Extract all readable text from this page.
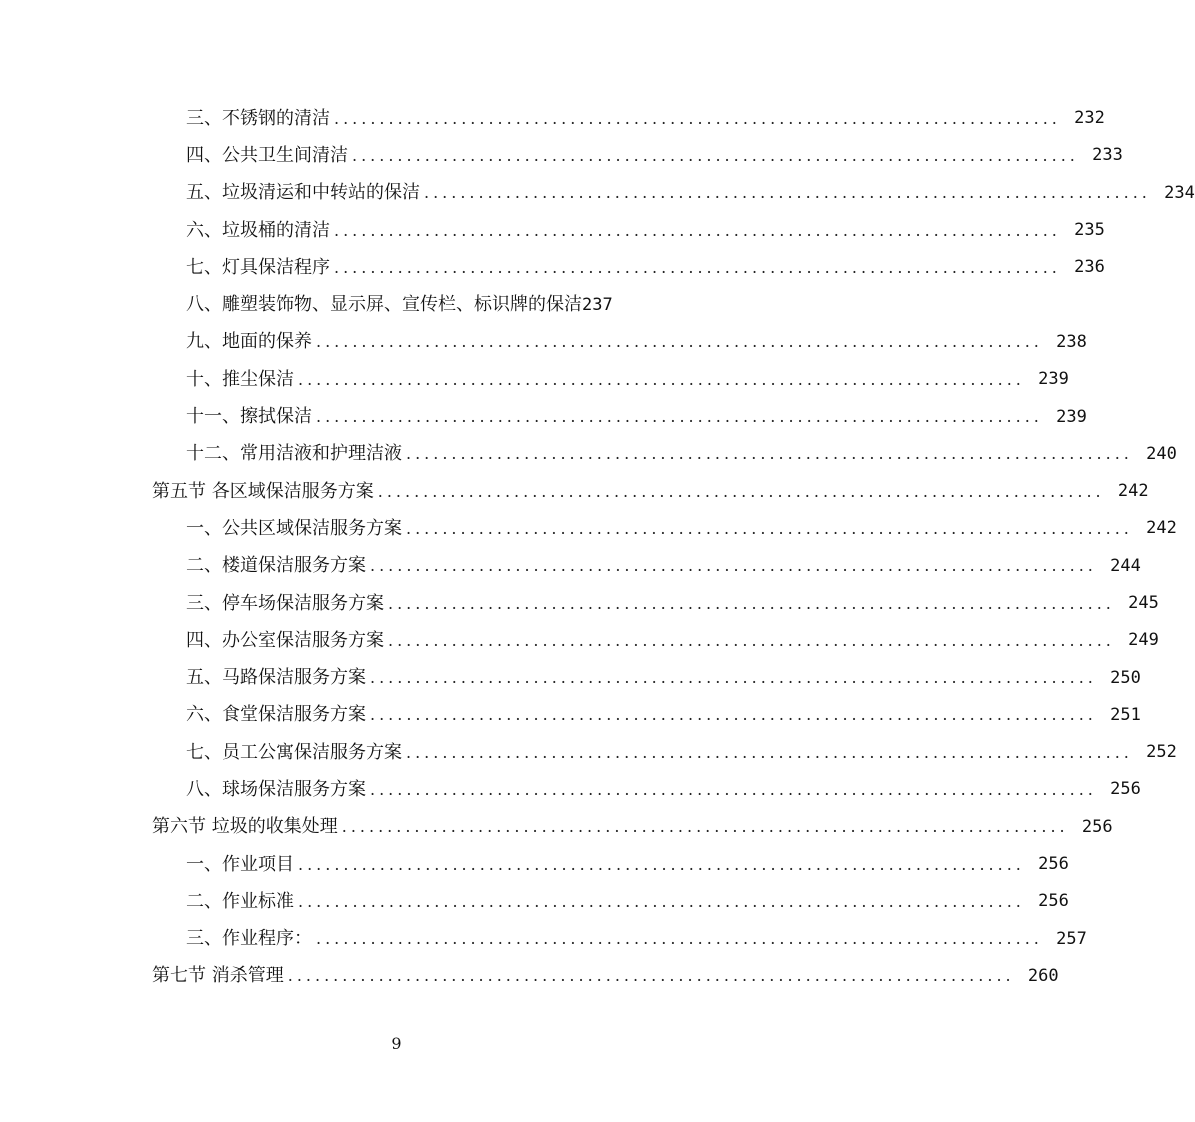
三、不锈钢的清洁 ................................................................................ 232
四、公共卫生间清洁 ................................................................................ 233
五、垃圾清运和中转站的保洁 ................................................................................ 234
六、垃圾桶的清洁 ................................................................................ 235
七、灯具保洁程序 ................................................................................ 236
八、雕塑装饰物、显示屏、宣传栏、标识牌的保洁 237
九、地面的保养 ................................................................................ 238
十、推尘保洁 ................................................................................ 239
十一、擦拭保洁 ................................................................................ 239
十二、常用洁液和护理洁液 ................................................................................ 240
第五节 各区域保洁服务方案 ................................................................................ 242
一、公共区域保洁服务方案 ................................................................................ 242
二、楼道保洁服务方案 ................................................................................ 244
三、停车场保洁服务方案 ................................................................................ 245
四、办公室保洁服务方案 ................................................................................ 249
五、马路保洁服务方案 ................................................................................ 250
六、食堂保洁服务方案 ................................................................................ 251
七、员工公寓保洁服务方案 ................................................................................ 252
八、球场保洁服务方案 ................................................................................ 256
第六节 垃圾的收集处理 ................................................................................ 256
一、作业项目 ................................................................................ 256
二、作业标准 ................................................................................ 256
三、作业程序： ................................................................................ 257
第七节 消杀管理 ................................................................................ 260
9
